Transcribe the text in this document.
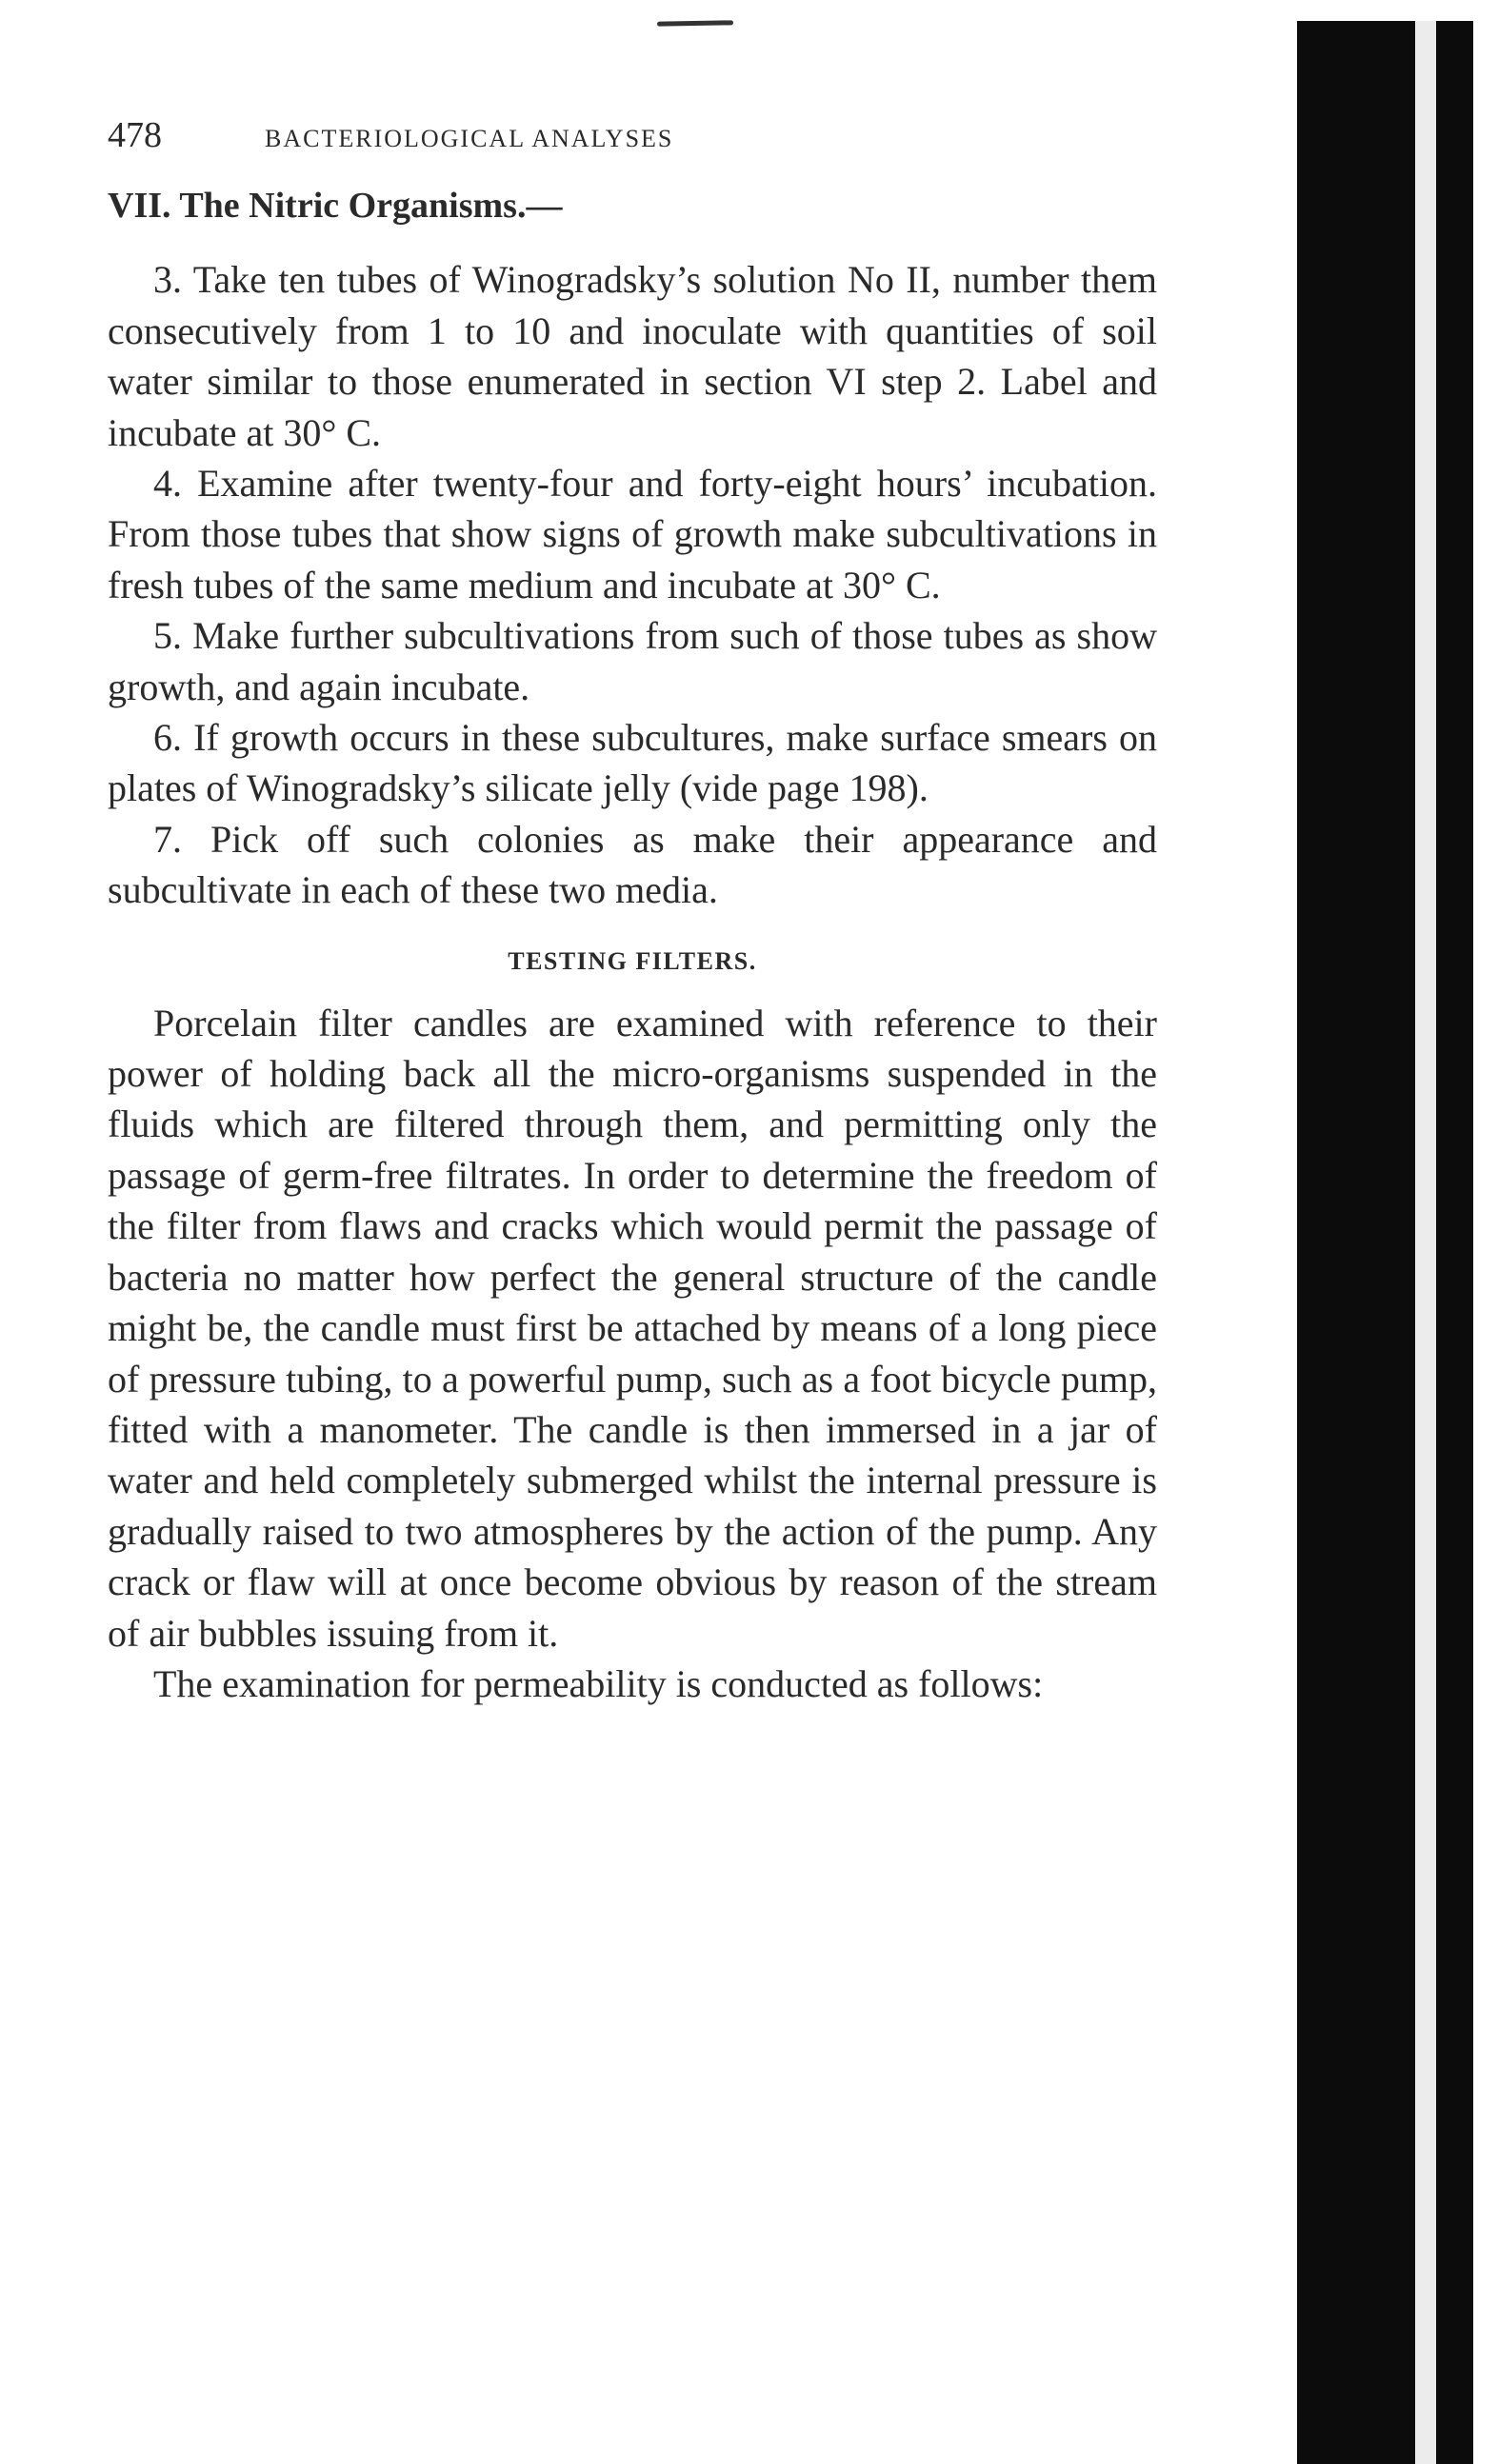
478	BACTERIOLOGICAL ANALYSES
VII. The Nitric Organisms.—

3. Take ten tubes of Winogradsky’s solution No II, number them consecutively from 1 to 10 and inoculate with quantities of soil water similar to those enumerated in section VI step 2. Label and incubate at 30° C.

4. Examine after twenty-four and forty-eight hours’ incubation. From those tubes that show signs of growth make subcultivations in fresh tubes of the same medium and incubate at 30° C.

5. Make further subcultivations from such of those tubes as show growth, and again incubate.

6. If growth occurs in these subcultures, make surface smears on plates of Winogradsky’s silicate jelly (vide page 198).

7. Pick off such colonies as make their appearance and subcultivate in each of these two media.

TESTING FILTERS.

Porcelain filter candles are examined with reference to their power of holding back all the micro-organisms suspended in the fluids which are filtered through them, and permitting only the passage of germ-free filtrates. In order to determine the freedom of the filter from flaws and cracks which would permit the passage of bacteria no matter how perfect the general structure of the candle might be, the candle must first be attached by means of a long piece of pressure tubing, to a powerful pump, such as a foot bicycle pump, fitted with a manometer. The candle is then immersed in a jar of water and held completely submerged whilst the internal pressure is gradually raised to two atmospheres by the action of the pump. Any crack or flaw will at once become obvious by reason of the stream of air bubbles issuing from it.

The examination for permeability is conducted as follows:
